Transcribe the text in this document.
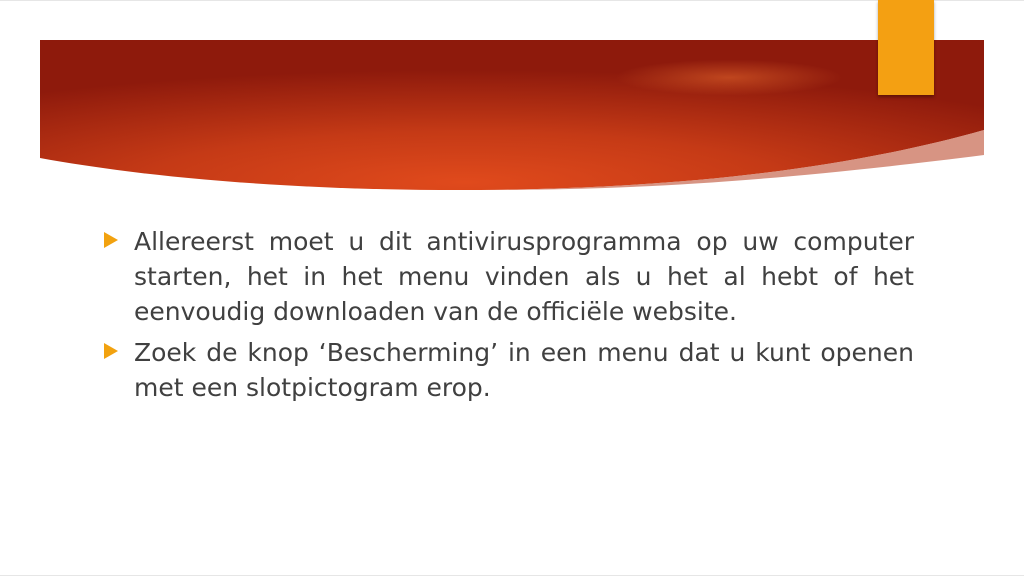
Allereerst moet u dit antivirusprogramma op uw computer starten, het in het menu vinden als u het al hebt of het eenvoudig downloaden van de officiële website.
Zoek de knop ‘Bescherming’ in een menu dat u kunt openen met een slotpictogram erop.
